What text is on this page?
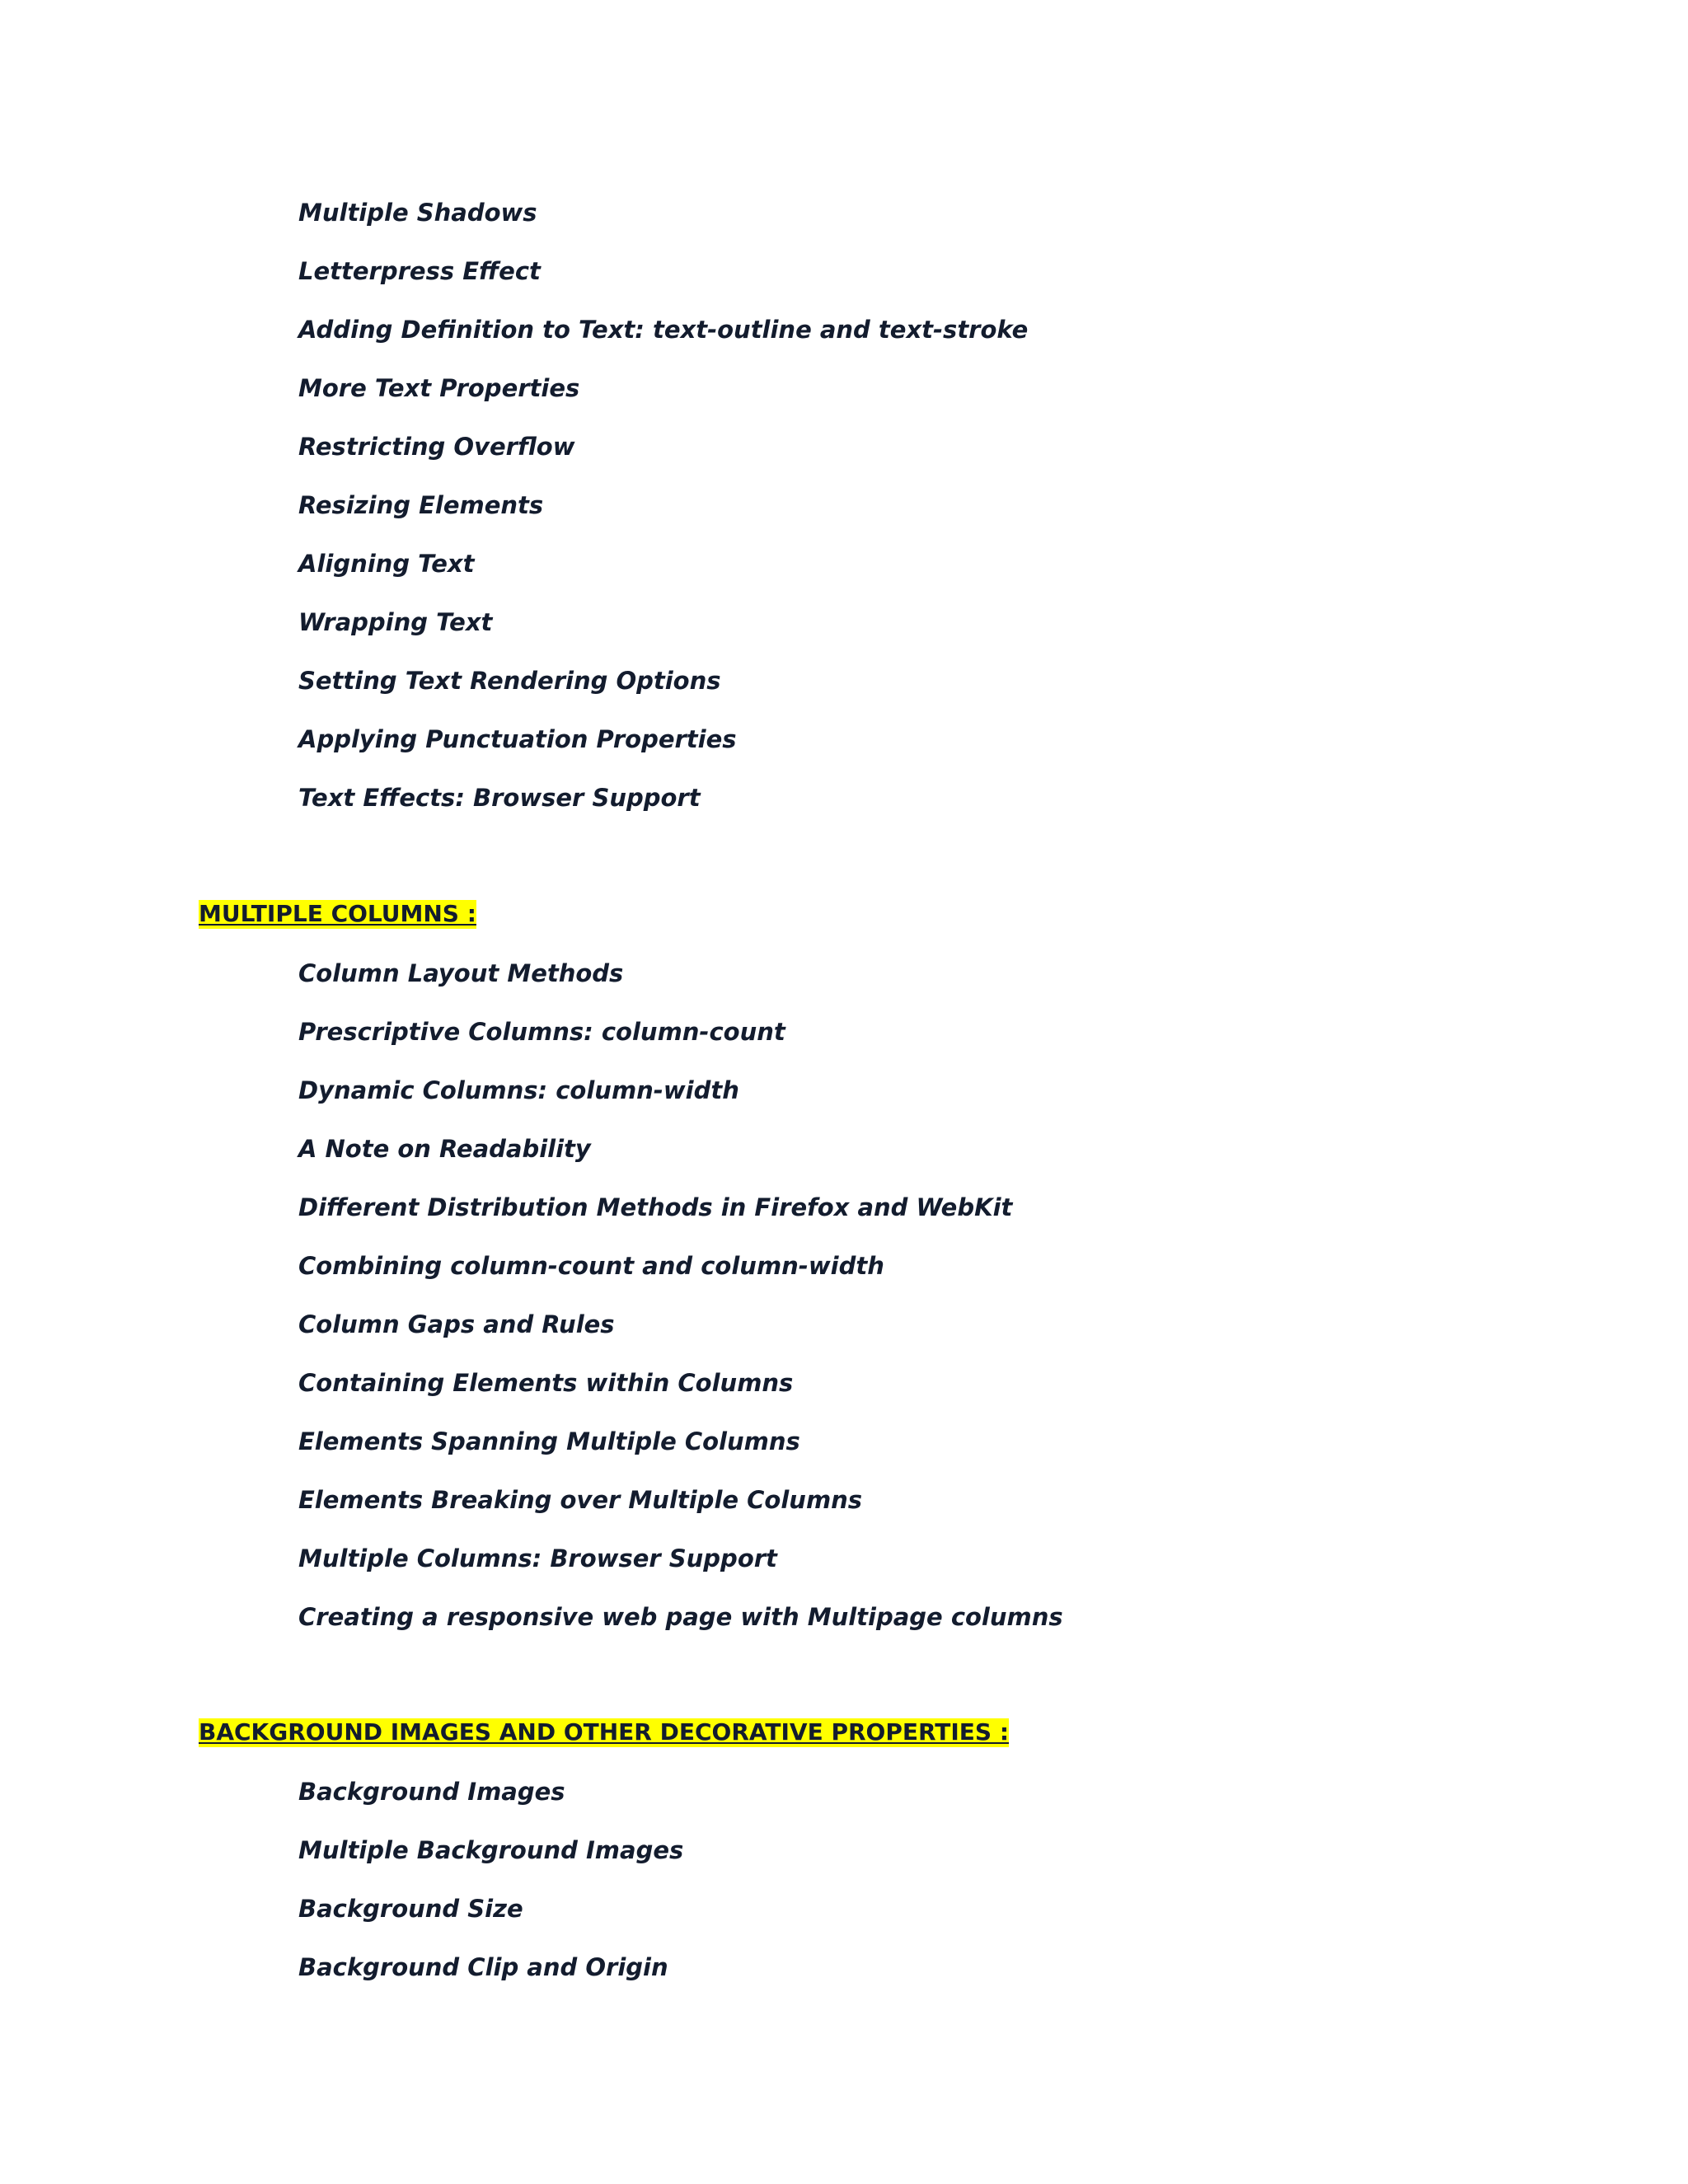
Multiple Shadows

Letterpress Effect

Adding Definition to Text: text-outline and text-stroke

More Text Properties

Restricting Overflow

Resizing Elements

Aligning Text

Wrapping Text

Setting Text Rendering Options

Applying Punctuation Properties

Text Effects: Browser Support

MULTIPLE COLUMNS :

Column Layout Methods

Prescriptive Columns: column-count

Dynamic Columns: column-width

A Note on Readability

Different Distribution Methods in Firefox and WebKit

Combining column-count and column-width

Column Gaps and Rules

Containing Elements within Columns

Elements Spanning Multiple Columns

Elements Breaking over Multiple Columns

Multiple Columns: Browser Support

Creating a responsive web page with Multipage columns

BACKGROUND IMAGES AND OTHER DECORATIVE PROPERTIES :

Background Images

Multiple Background Images

Background Size

Background Clip and Origin
